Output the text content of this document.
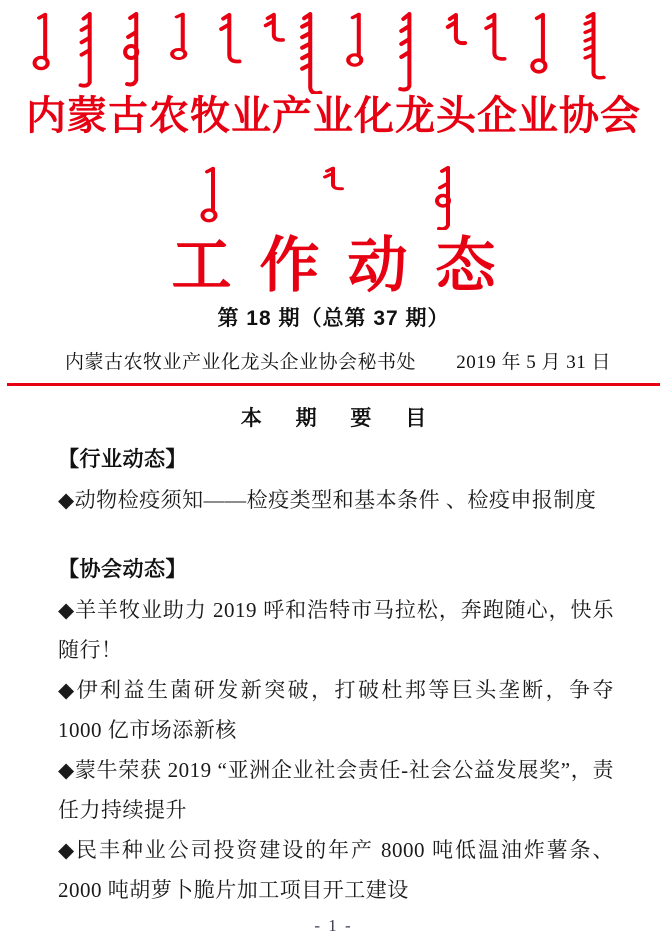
内蒙古农牧业产业化龙头企业协会
工作动态
第 18 期（总第 37 期）
内蒙古农牧业产业化龙头企业协会秘书处 2019 年 5 月 31 日
本 期 要 目
【行业动态】

◆动物检疫须知——检疫类型和基本条件 、检疫申报制度

【协会动态】

◆羊羊牧业助力 2019 呼和浩特市马拉松，奔跑随心，快乐随行！

◆伊利益生菌研发新突破，打破杜邦等巨头垄断，争夺 1000 亿市场添新核

◆蒙牛荣获 2019 “亚洲企业社会责任-社会公益发展奖”，责任力持续提升

◆民丰种业公司投资建设的年产 8000 吨低温油炸薯条、2000 吨胡萝卜脆片加工项目开工建设

- 1 -
